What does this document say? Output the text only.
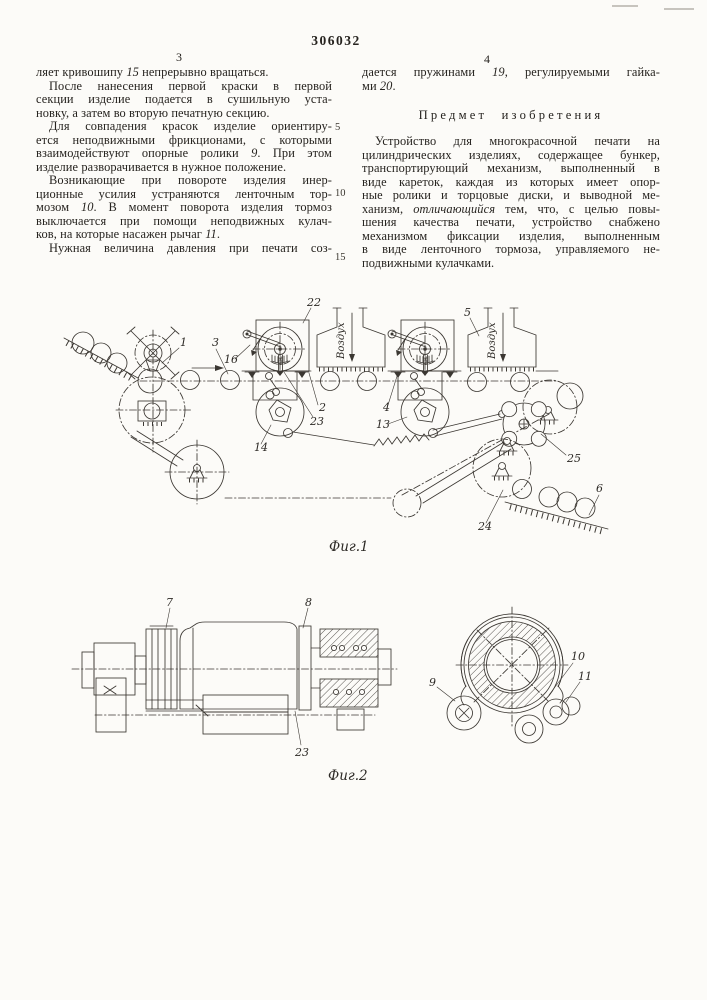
306032
3	4
5
10
15
ляет кривошипу 15 непрерывно вращаться.
После нанесения первой краски в первой
секции изделие подается в сушильную уста-
новку, а затем во вторую печатную секцию.
Для совпадения красок изделие ориентиру-
ется неподвижными фрикционами, с которыми
взаимодействуют опорные ролики 9. При этом
изделие разворачивается в нужное положение.
Возникающие при повороте изделия инер-
ционные усилия устраняются ленточным тор-
мозом 10. В момент поворота изделия тормоз
выключается при помощи неподвижных кулач-
ков, на которые насажен рычаг 11.
Нужная величина давления при печати соз-
дается пружинами 19, регулируемыми гайка-
ми 20.
Предмет изобретения
Устройство для многокрасочной печати на
цилиндрических изделиях, содержащее бункер,
транспортирующий механизм, выполненный в
виде кареток, каждая из которых имеет опор-
ные ролики и торцовые диски, и выводной ме-
ханизм, отличающийся тем, что, с целью повы-
шения качества печати, устройство снабжено
механизмом фиксации изделия, выполненным
в виде ленточного тормоза, управляемого не-
подвижными кулачками.
Воздух	Воздух
1 3
16
22
2
23
14
4
13
5
25
24
6
Фиг.1
7	8
23
9
10
11
Фиг.2
